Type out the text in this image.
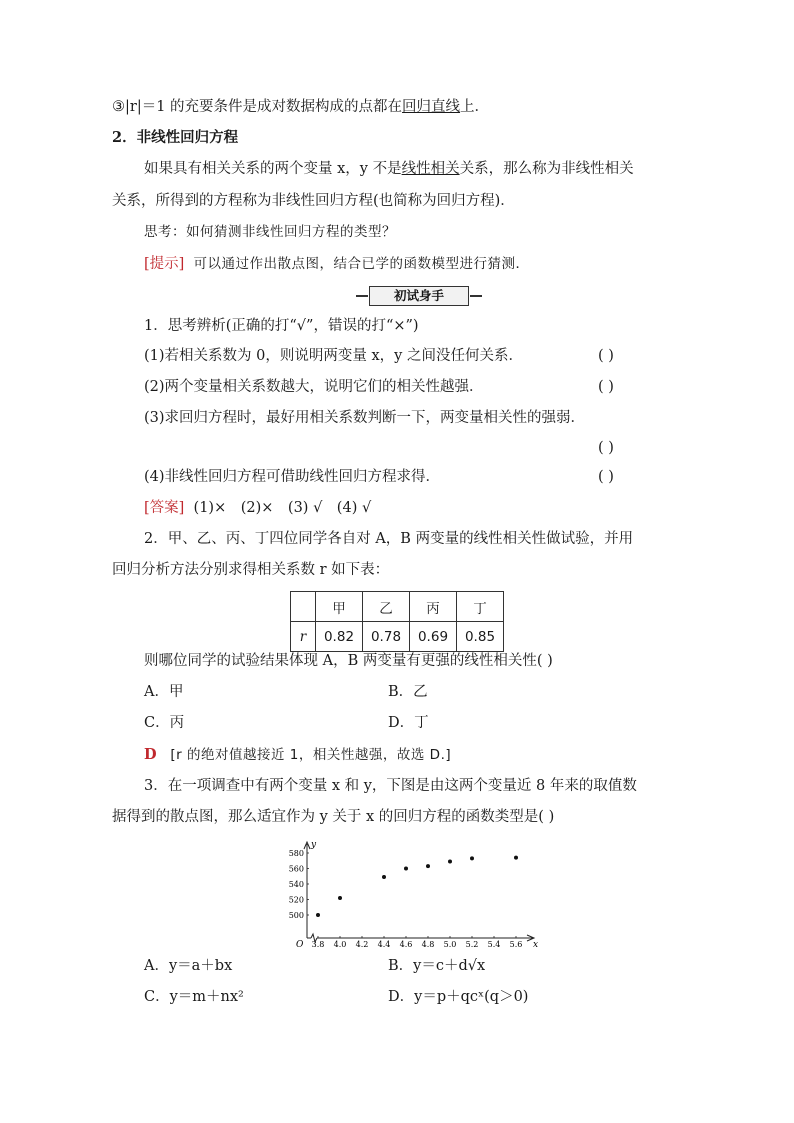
③|r|＝1 的充要条件是成对数据构成的点都在回归直线上．
2．非线性回归方程
如果具有相关关系的两个变量 x，y 不是线性相关关系，那么称为非线性相关
关系，所得到的方程称为非线性回归方程(也简称为回归方程)．
思考：如何猜测非线性回归方程的类型？
[提示] 可以通过作出散点图，结合已学的函数模型进行猜测．
初试身手
1．思考辨析(正确的打“√”，错误的打“×”)
(1)若相关系数为 0，则说明两变量 x，y 之间没任何关系．	( )
(2)两个变量相关系数越大，说明它们的相关性越强．	( )
(3)求回归方程时，最好用相关系数判断一下，两变量相关性的强弱．
( )
(4)非线性回归方程可借助线性回归方程求得．	( )
[答案] (1)×　(2)×　(3) √　(4) √
2．甲、乙、丙、丁四位同学各自对 A，B 两变量的线性相关性做试验，并用
回归分析方法分别求得相关系数 r 如下表：
	甲	乙	丙	丁
r	0.82	0.78	0.69	0.85
则哪位同学的试验结果体现 A，B 两变量有更强的线性相关性( )
A．甲	B．乙
C．丙	D．丁
D [r 的绝对值越接近 1，相关性越强，故选 D.]
3．在一项调查中有两个变量 x 和 y，下图是由这两个变量近 8 年来的取值数
据得到的散点图，那么适宜作为 y 关于 x 的回归方程的函数类型是( )
y
x
O
500
520
540
560
580
3.8 4.0 4.2 4.4 4.6 4.8 5.0 5.2 5.4 5.6
A．y＝a＋bx	B．y＝c＋d√x
C．y＝m＋nx²	D．y＝p＋qcˣ(q＞0)
